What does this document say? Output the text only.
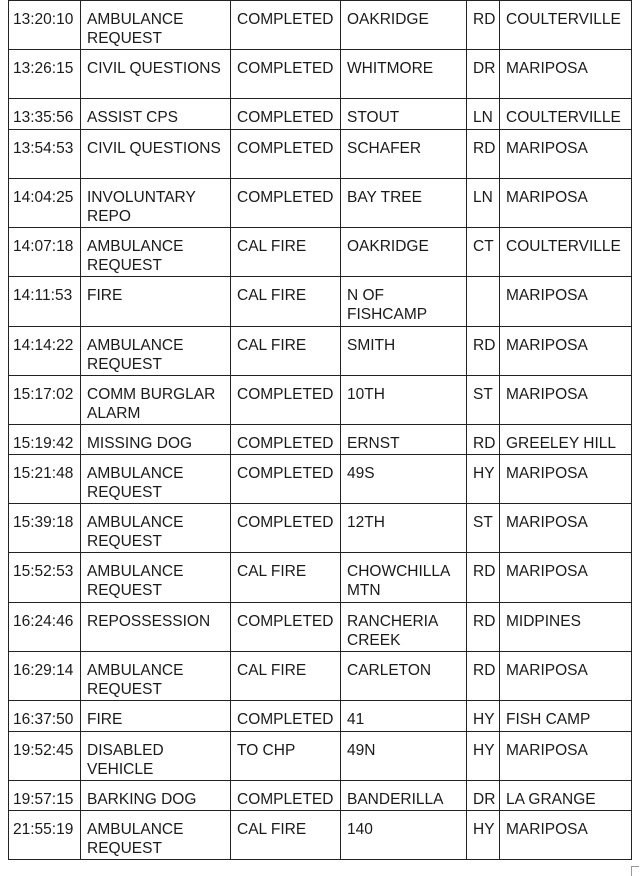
13:20:10	AMBULANCE REQUEST	COMPLETED	OAKRIDGE	RD	COULTERVILLE
13:26:15	CIVIL QUESTIONS	COMPLETED	WHITMORE	DR	MARIPOSA
13:35:56	ASSIST CPS	COMPLETED	STOUT	LN	COULTERVILLE
13:54:53	CIVIL QUESTIONS	COMPLETED	SCHAFER	RD	MARIPOSA
14:04:25	INVOLUNTARY REPO	COMPLETED	BAY TREE	LN	MARIPOSA
14:07:18	AMBULANCE REQUEST	CAL FIRE	OAKRIDGE	CT	COULTERVILLE
14:11:53	FIRE	CAL FIRE	N OF FISHCAMP		MARIPOSA
14:14:22	AMBULANCE REQUEST	CAL FIRE	SMITH	RD	MARIPOSA
15:17:02	COMM BURGLAR ALARM	COMPLETED	10TH	ST	MARIPOSA
15:19:42	MISSING DOG	COMPLETED	ERNST	RD	GREELEY HILL
15:21:48	AMBULANCE REQUEST	COMPLETED	49S	HY	MARIPOSA
15:39:18	AMBULANCE REQUEST	COMPLETED	12TH	ST	MARIPOSA
15:52:53	AMBULANCE REQUEST	CAL FIRE	CHOWCHILLA MTN	RD	MARIPOSA
16:24:46	REPOSSESSION	COMPLETED	RANCHERIA CREEK	RD	MIDPINES
16:29:14	AMBULANCE REQUEST	CAL FIRE	CARLETON	RD	MARIPOSA
16:37:50	FIRE	COMPLETED	41	HY	FISH CAMP
19:52:45	DISABLED VEHICLE	TO CHP	49N	HY	MARIPOSA
19:57:15	BARKING DOG	COMPLETED	BANDERILLA	DR	LA GRANGE
21:55:19	AMBULANCE REQUEST	CAL FIRE	140	HY	MARIPOSA
